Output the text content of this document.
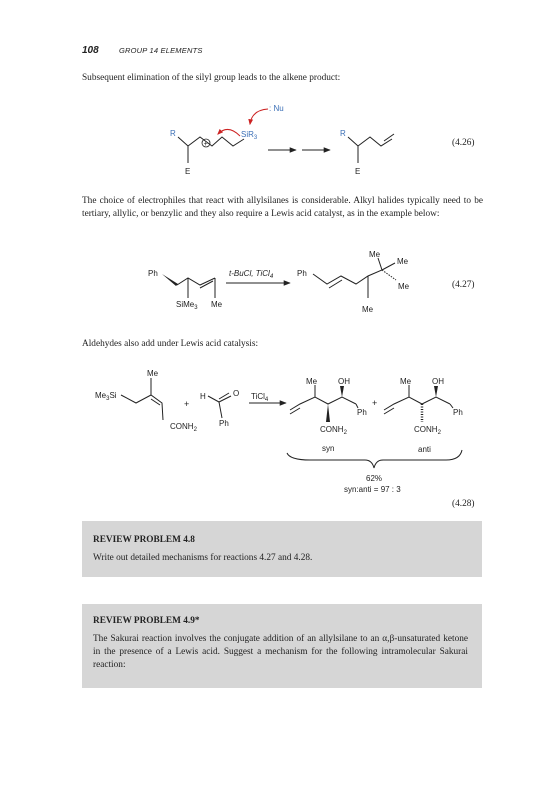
108	GROUP 14 ELEMENTS

Subsequent elimination of the silyl group leads to the alkene product:

+
R	SiR$_3$
E
: Nu
R
E
(4.26)

The choice of electrophiles that react with allylsilanes is considerable. Alkyl halides typically need to be tertiary, allylic, or benzylic and they also require a Lewis acid catalyst, as in the example below:

Ph
SiMe$_3$ Me
t-BuCl, TiCl$_4$	Ph
Me
Me
Me
Me
(4.27)

Aldehydes also add under Lewis acid catalysis:

$Me_3Si$
Me
$CONH_2$
+
H	O
Ph
TiCl$_4$
Me	OH
Ph
$CONH_2$
+
Me	OH
Ph
$CONH_2$
syn	anti
62%
syn:anti = 97 : 3
(4.28)
REVIEW PROBLEM 4.8
Write out detailed mechanisms for reactions 4.27 and 4.28.
REVIEW PROBLEM 4.9*
The Sakurai reaction involves the conjugate addition of an allylsilane to an α,β-unsaturated ketone in the presence of a Lewis acid. Suggest a mechanism for the following intramolecular Sakurai reaction:
